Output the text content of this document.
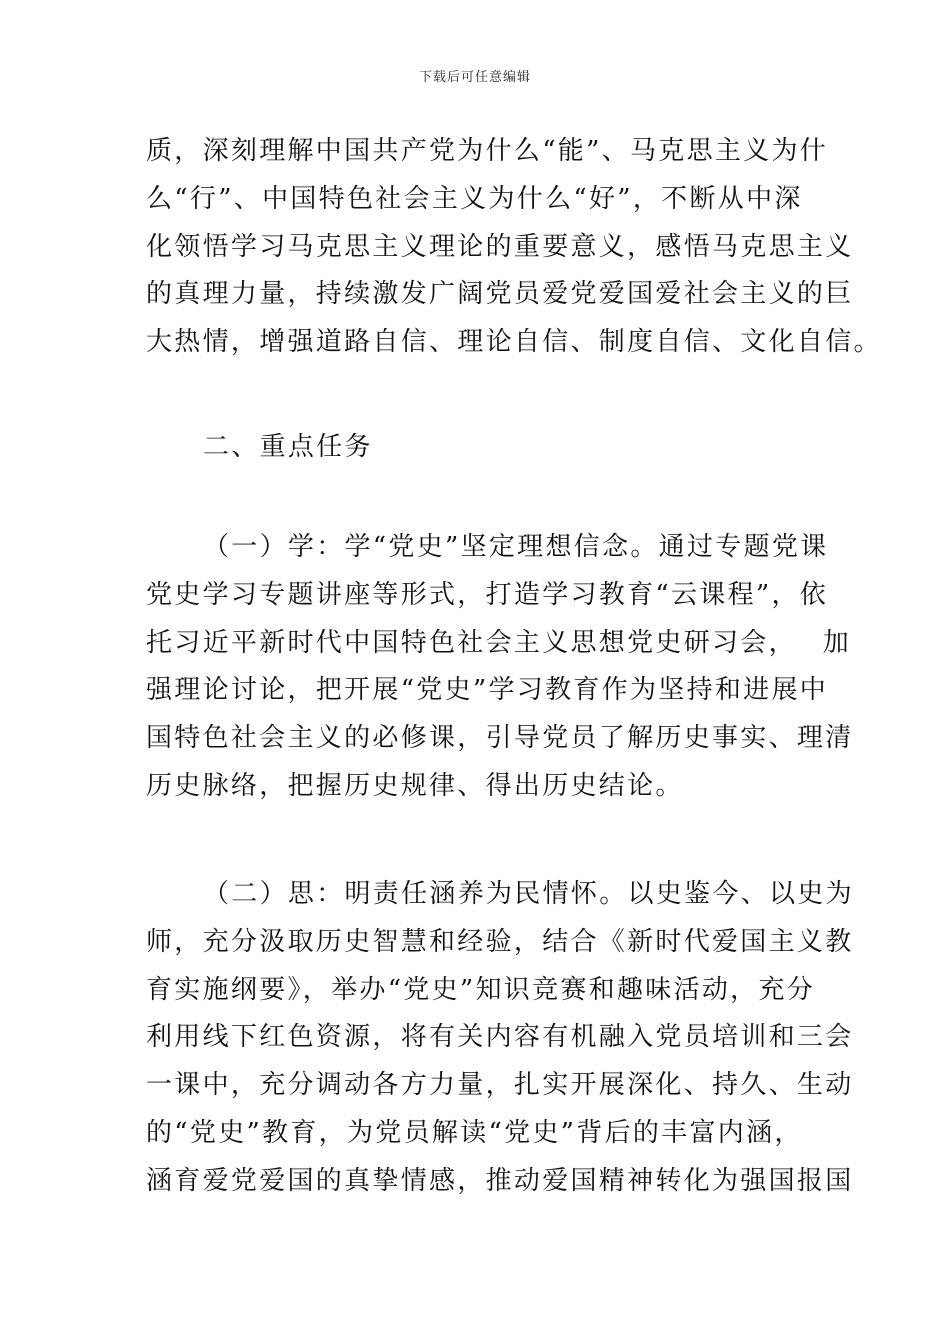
下载后可任意编辑
质，深刻理解中国共产党为什么“能”、马克思主义为什
么“行”、中国特色社会主义为什么“好”，不断从中深
化领悟学习马克思主义理论的重要意义，感悟马克思主义
的真理力量，持续激发广阔党员爱党爱国爱社会主义的巨
大热情，增强道路自信、理论自信、制度自信、文化自信。
二、重点任务
（一）学：学“党史”坚定理想信念。通过专题党课
党史学习专题讲座等形式，打造学习教育“云课程”，依
托习近平新时代中国特色社会主义思想党史研习会，　 加
强理论讨论，把开展“党史”学习教育作为坚持和进展中
国特色社会主义的必修课，引导党员了解历史事实、理清
历史脉络，把握历史规律、得出历史结论。
（二）思：明责任涵养为民情怀。以史鉴今、以史为
师，充分汲取历史智慧和经验，结合《新时代爱国主义教
育实施纲要》，举办“党史”知识竞赛和趣味活动，充分
利用线下红色资源，将有关内容有机融入党员培训和三会
一课中，充分调动各方力量，扎实开展深化、持久、生动
的“党史”教育，为党员解读“党史”背后的丰富内涵，
涵育爱党爱国的真挚情感，推动爱国精神转化为强国报国
